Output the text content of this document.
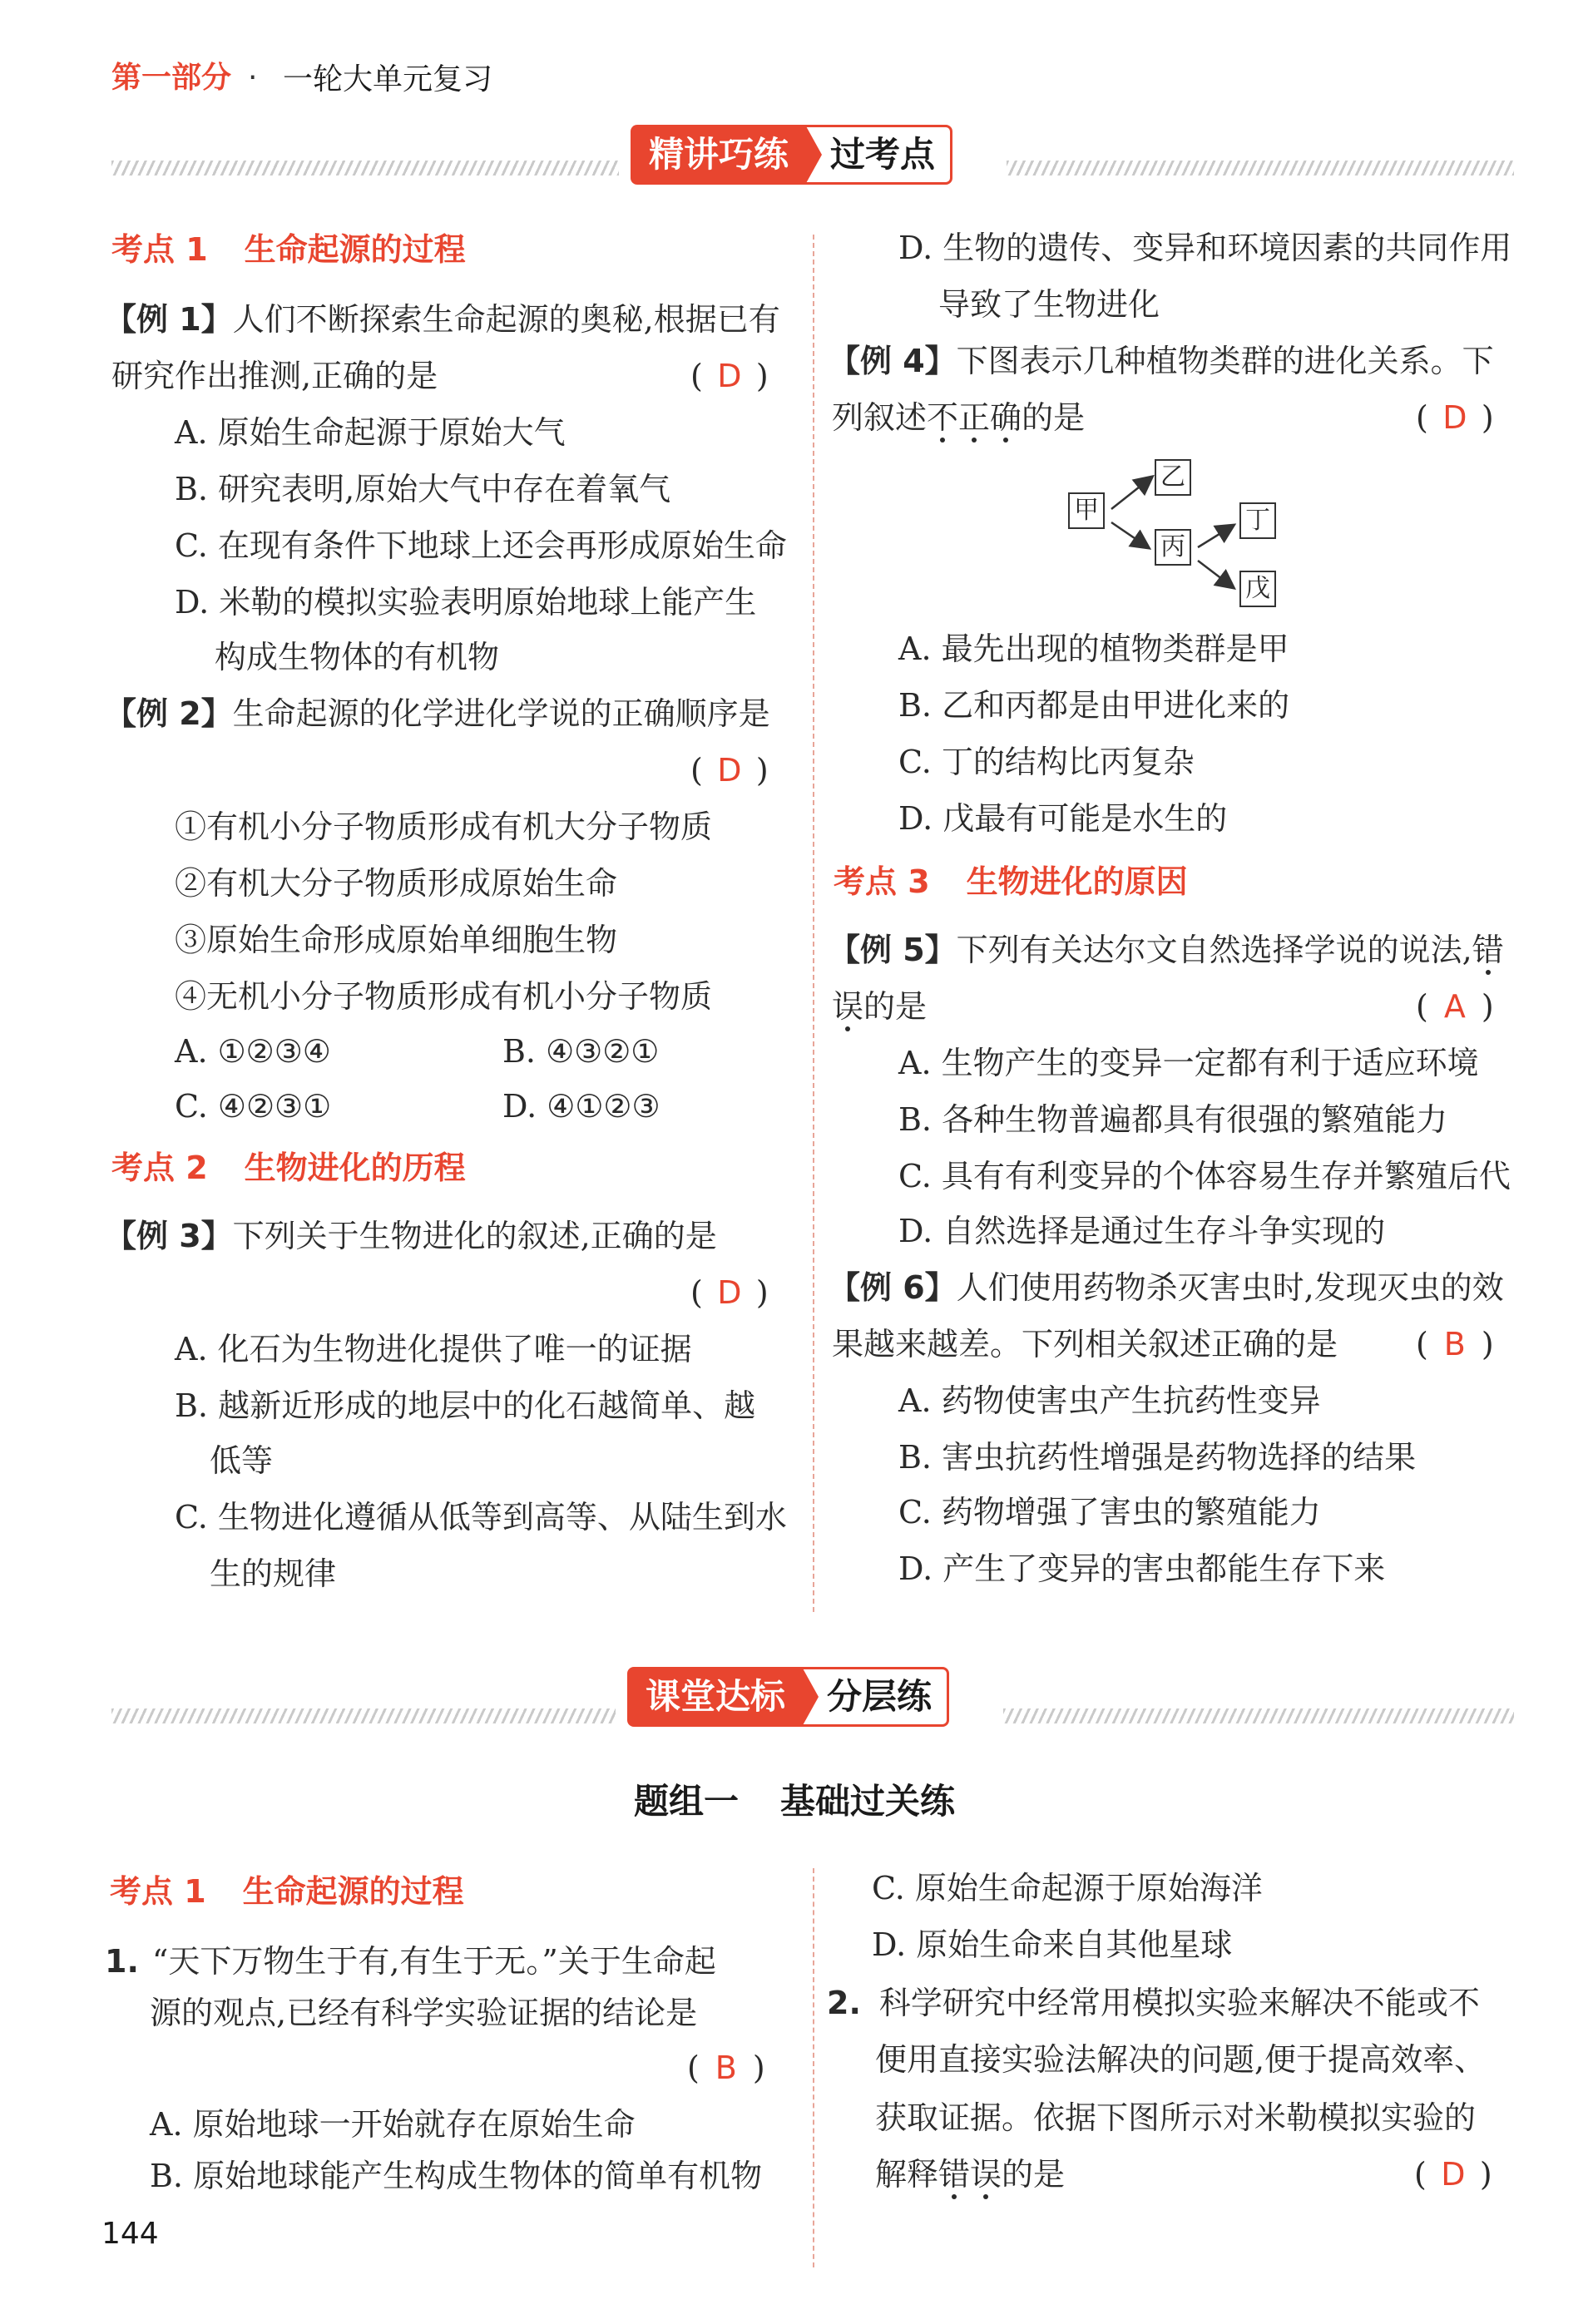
第一部分 · 一轮大单元复习
精讲巧练	过考点
考点 1 生命起源的过程
【例 1】人们不断探索生命起源的奥秘,根据已有
研究作出推测,正确的是	( D )
A. 原始生命起源于原始大气
B. 研究表明,原始大气中存在着氧气
C. 在现有条件下地球上还会再形成原始生命
D. 米勒的模拟实验表明原始地球上能产生
构成生物体的有机物
【例 2】生命起源的化学进化学说的正确顺序是
( D )
①有机小分子物质形成有机大分子物质
②有机大分子物质形成原始生命
③原始生命形成原始单细胞生物
④无机小分子物质形成有机小分子物质
A. ①②③④	B. ④③②①
C. ④②③①	D. ④①②③
考点 2 生物进化的历程
【例 3】下列关于生物进化的叙述,正确的是
( D )
A. 化石为生物进化提供了唯一的证据
B. 越新近形成的地层中的化石越简单、越
低等
C. 生物进化遵循从低等到高等、从陆生到水
生的规律
D. 生物的遗传、变异和环境因素的共同作用
导致了生物进化
【例 4】下图表示几种植物类群的进化关系。下
列叙述不正确的是	( D )
甲
乙
丙
丁
戊
A. 最先出现的植物类群是甲
B. 乙和丙都是由甲进化来的
C. 丁的结构比丙复杂
D. 戊最有可能是水生的
考点 3 生物进化的原因
【例 5】下列有关达尔文自然选择学说的说法,错
误的是	( A )
A. 生物产生的变异一定都有利于适应环境
B. 各种生物普遍都具有很强的繁殖能力
C. 具有有利变异的个体容易生存并繁殖后代
D. 自然选择是通过生存斗争实现的
【例 6】人们使用药物杀灭害虫时,发现灭虫的效
果越来越差。下列相关叙述正确的是 ( B )
A. 药物使害虫产生抗药性变异
B. 害虫抗药性增强是药物选择的结果
C. 药物增强了害虫的繁殖能力
D. 产生了变异的害虫都能生存下来
课堂达标	分层练
题组一 基础过关练
考点 1 生命起源的过程
1. “天下万物生于有,有生于无。”关于生命起
源的观点,已经有科学实验证据的结论是
( B )
A. 原始地球一开始就存在原始生命
B. 原始地球能产生构成生物体的简单有机物
C. 原始生命起源于原始海洋
D. 原始生命来自其他星球
2. 科学研究中经常用模拟实验来解决不能或不
便用直接实验法解决的问题,便于提高效率、
获取证据。依据下图所示对米勒模拟实验的
解释错误的是	( D )
144
